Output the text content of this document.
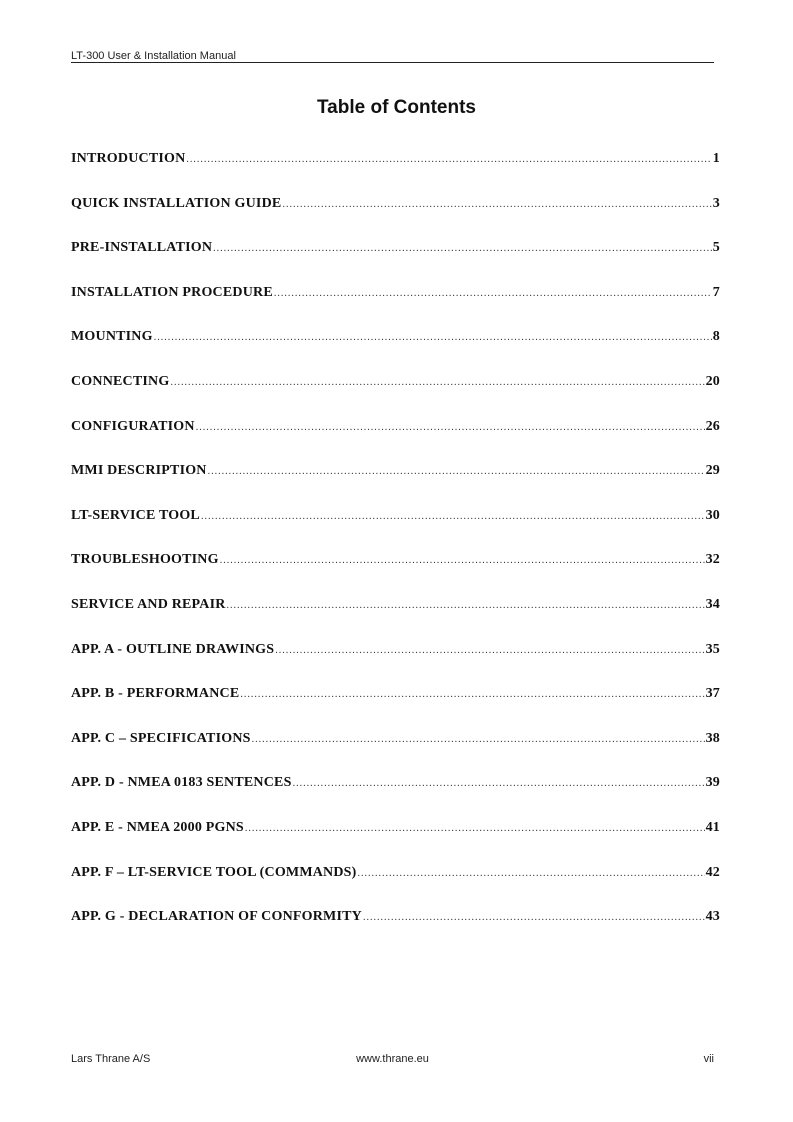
LT-300 User & Installation Manual
Table of Contents
INTRODUCTION .....	1
QUICK INSTALLATION GUIDE .....	3
PRE-INSTALLATION .....	5
INSTALLATION PROCEDURE .....	7
MOUNTING .....	8
CONNECTING .....	20
CONFIGURATION .....	26
MMI DESCRIPTION .....	29
LT-SERVICE TOOL .....	30
TROUBLESHOOTING .....	32
SERVICE AND REPAIR .....	34
APP. A - OUTLINE DRAWINGS .....	35
APP. B - PERFORMANCE .....	37
APP. C – SPECIFICATIONS .....	38
APP. D - NMEA 0183 SENTENCES .....	39
APP. E - NMEA 2000 PGNS .....	41
APP. F – LT-SERVICE TOOL (COMMANDS) .....	42
APP. G - DECLARATION OF CONFORMITY .....	43
Lars Thrane A/S	www.thrane.eu	vii
